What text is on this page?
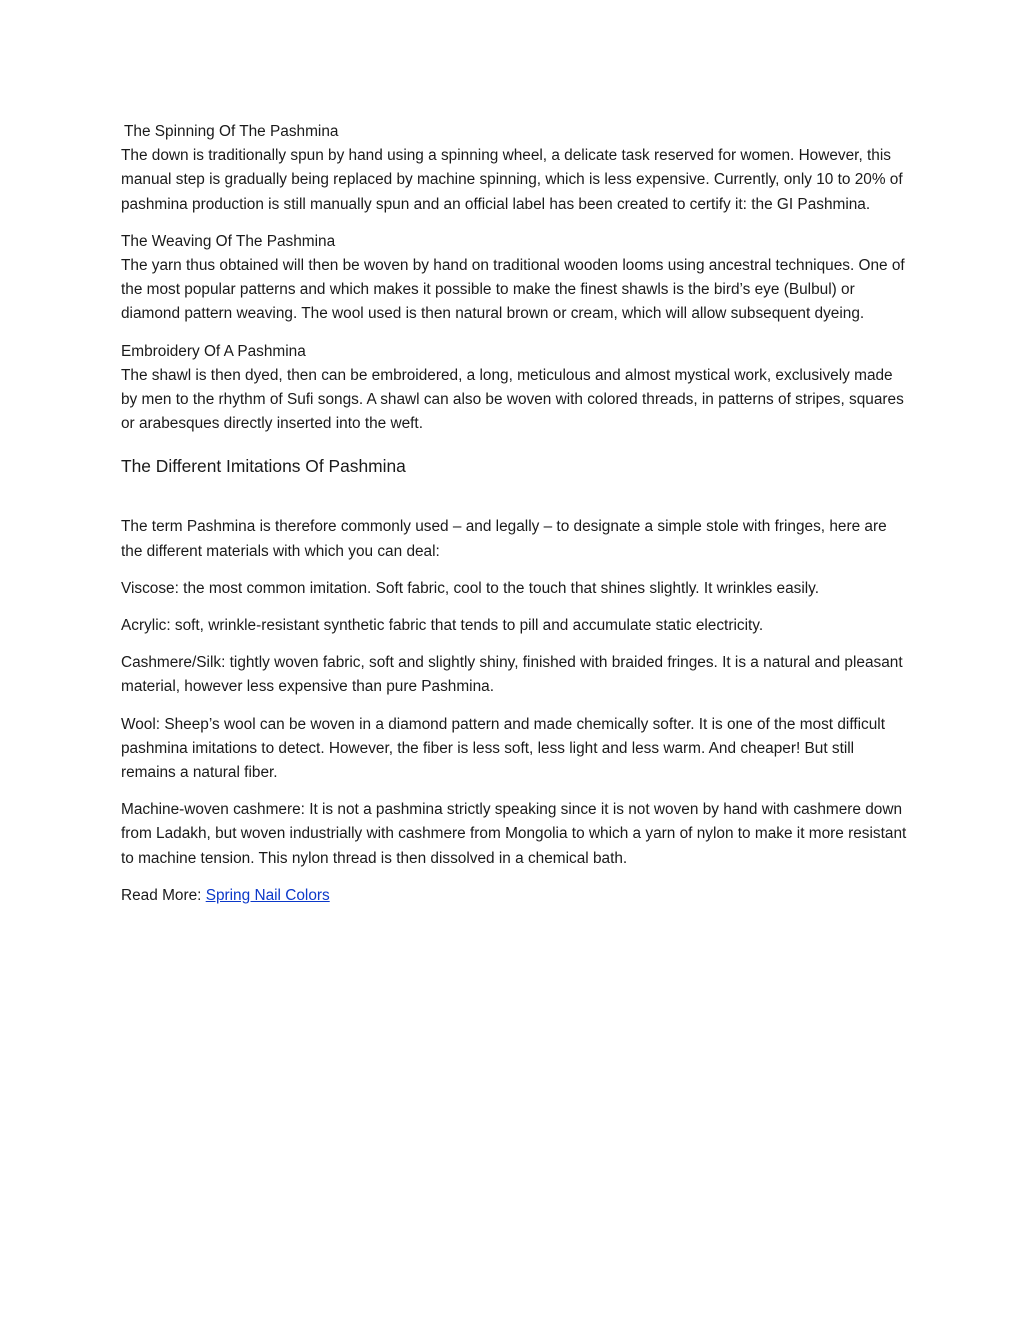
The Spinning Of The Pashmina
The down is traditionally spun by hand using a spinning wheel, a delicate task reserved for women. However, this manual step is gradually being replaced by machine spinning, which is less expensive. Currently, only 10 to 20% of pashmina production is still manually spun and an official label has been created to certify it: the GI Pashmina.
The Weaving Of The Pashmina
The yarn thus obtained will then be woven by hand on traditional wooden looms using ancestral techniques. One of the most popular patterns and which makes it possible to make the finest shawls is the bird’s eye (Bulbul) or diamond pattern weaving. The wool used is then natural brown or cream, which will allow subsequent dyeing.
Embroidery Of A Pashmina
The shawl is then dyed, then can be embroidered, a long, meticulous and almost mystical work, exclusively made by men to the rhythm of Sufi songs. A shawl can also be woven with colored threads, in patterns of stripes, squares or arabesques directly inserted into the weft.
The Different Imitations Of Pashmina

The term Pashmina is therefore commonly used – and legally – to designate a simple stole with fringes, here are the different materials with which you can deal:

Viscose: the most common imitation. Soft fabric, cool to the touch that shines slightly. It wrinkles easily.

Acrylic: soft, wrinkle-resistant synthetic fabric that tends to pill and accumulate static electricity.

Cashmere/Silk: tightly woven fabric, soft and slightly shiny, finished with braided fringes. It is a natural and pleasant material, however less expensive than pure Pashmina.

Wool: Sheep’s wool can be woven in a diamond pattern and made chemically softer. It is one of the most difficult pashmina imitations to detect. However, the fiber is less soft, less light and less warm. And cheaper! But still remains a natural fiber.

Machine-woven cashmere: It is not a pashmina strictly speaking since it is not woven by hand with cashmere down from Ladakh, but woven industrially with cashmere from Mongolia to which a yarn of nylon to make it more resistant to machine tension. This nylon thread is then dissolved in a chemical bath.

Read More: Spring Nail Colors
